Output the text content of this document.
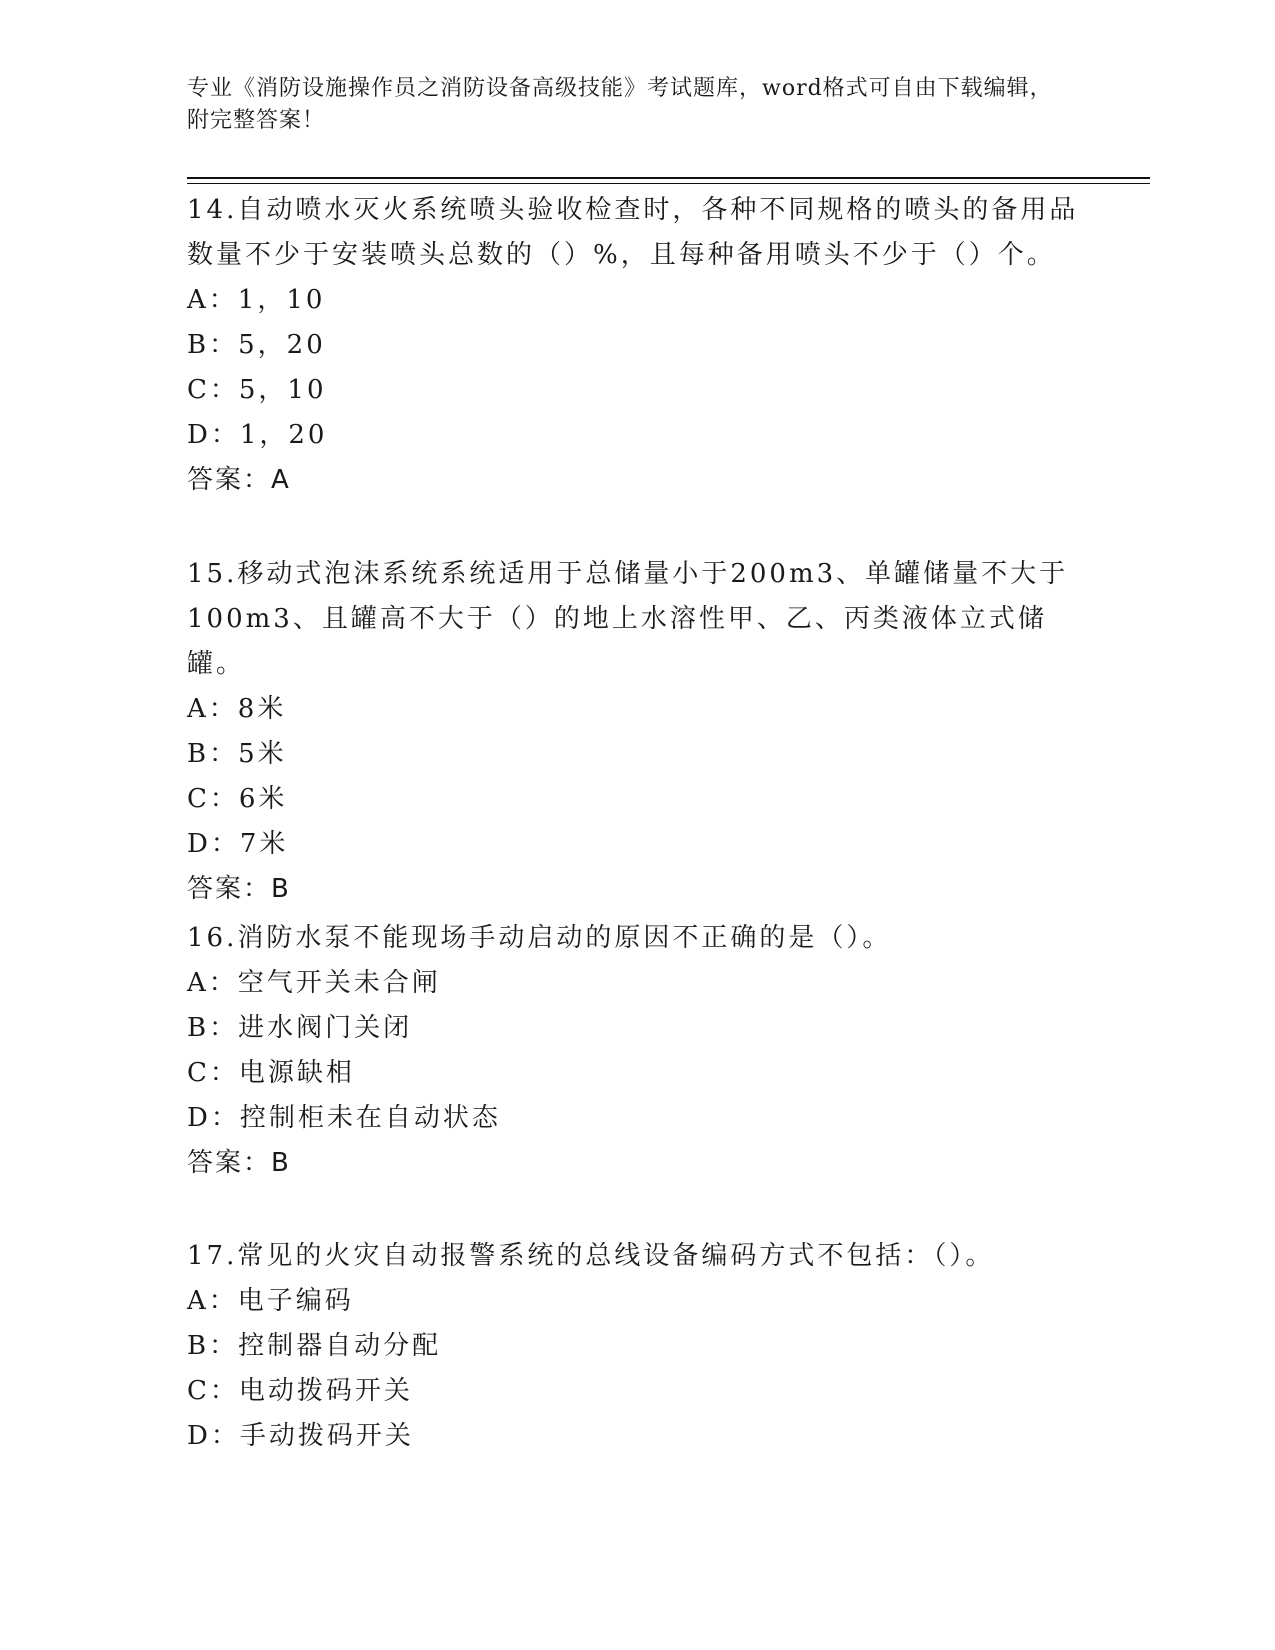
专业《消防设施操作员之消防设备高级技能》考试题库，word格式可自由下载编辑，附完整答案！
14.自动喷水灭火系统喷头验收检查时，各种不同规格的喷头的备用品数量不少于安装喷头总数的（）%，且每种备用喷头不少于（）个。
A：1，10
B：5，20
C：5，10
D：1，20
答案：A
15.移动式泡沫系统系统适用于总储量小于200m3、单罐储量不大于100m3、且罐高不大于（）的地上水溶性甲、乙、丙类液体立式储罐。
A：8米
B：5米
C：6米
D：7米
答案：B
16.消防水泵不能现场手动启动的原因不正确的是（）。
A：空气开关未合闸
B：进水阀门关闭
C：电源缺相
D：控制柜未在自动状态
答案：B
17.常见的火灾自动报警系统的总线设备编码方式不包括：（）。
A：电子编码
B：控制器自动分配
C：电动拨码开关
D：手动拨码开关
